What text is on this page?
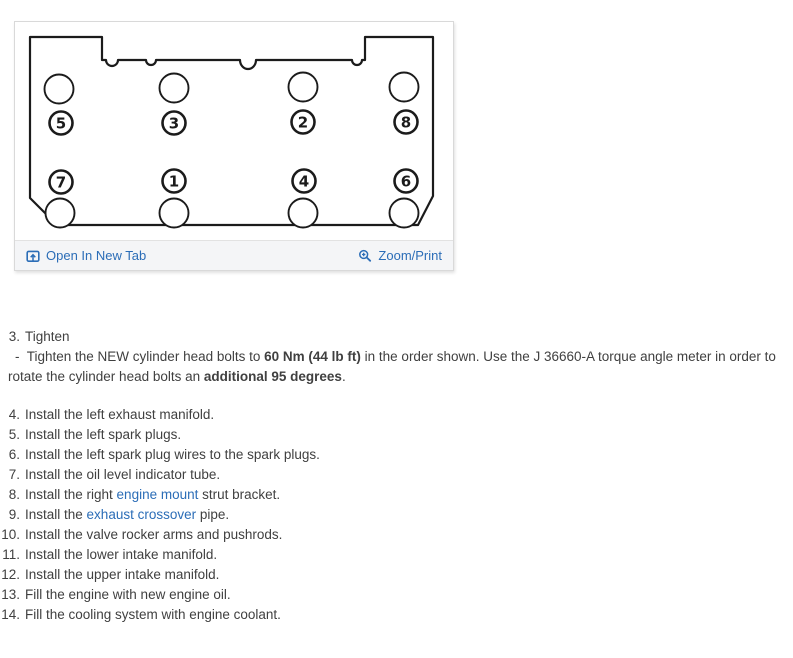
5	3	2	8
7	1	4	6
Open In New Tab	Zoom/Print
3. Tighten

-  Tighten the NEW cylinder head bolts to 60 Nm (44 lb ft) in the order shown. Use the J 36660-A torque angle meter in order to rotate the cylinder head bolts an additional 95 degrees.

4. Install the left exhaust manifold.
5. Install the left spark plugs.
6. Install the left spark plug wires to the spark plugs.
7. Install the oil level indicator tube.
8. Install the right engine mount strut bracket.
9. Install the exhaust crossover pipe.
10. Install the valve rocker arms and pushrods.
11. Install the lower intake manifold.
12. Install the upper intake manifold.
13. Fill the engine with new engine oil.
14. Fill the cooling system with engine coolant.
